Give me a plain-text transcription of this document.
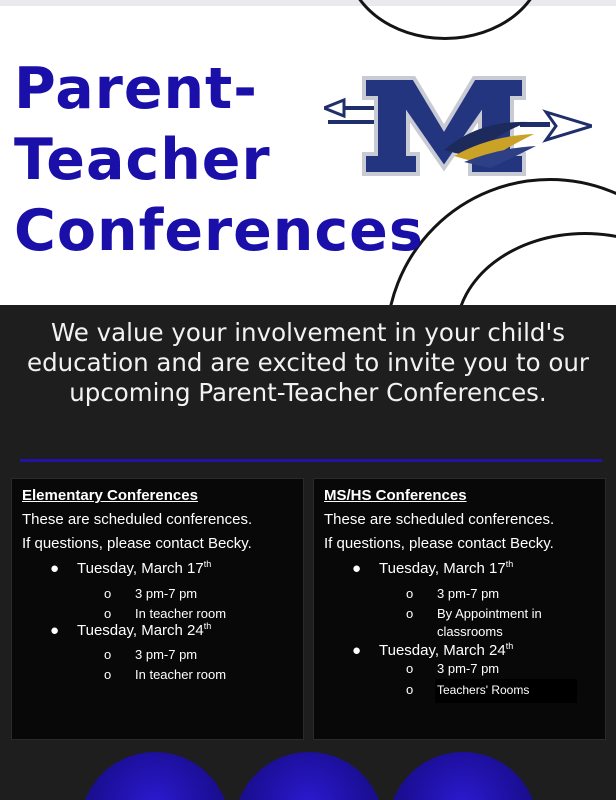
Parent-
Teacher
Conferences

We value your involvement in your child's education and are excited to invite you to our upcoming Parent-Teacher Conferences.

Elementary Conferences
These are scheduled conferences.
If questions, please contact Becky.
● Tuesday, March 17th
o 3 pm-7 pm
o In teacher room
● Tuesday, March 24th
o 3 pm-7 pm
o In teacher room
MS/HS Conferences
These are scheduled conferences.
If questions, please contact Becky.
● Tuesday, March 17th
o 3 pm-7 pm
o By Appointment in
classrooms
● Tuesday, March 24th
o 3 pm-7 pm
o Teachers' Rooms
